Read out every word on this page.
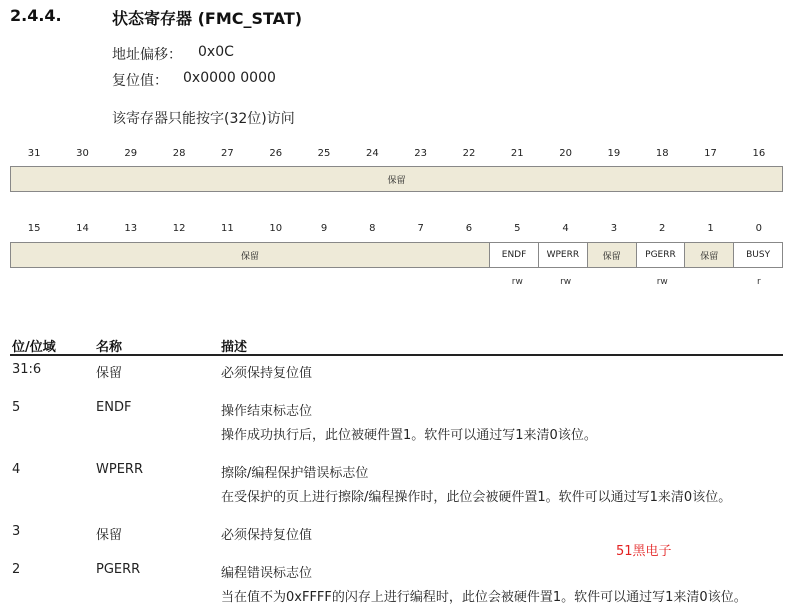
2.4.4.	状态寄存器 (FMC_STAT)
地址偏移： 0x0C
复位值： 0x0000 0000
该寄存器只能按字(32位)访问
31	30	29	28	27	26	25	24	23	22	21	20	19	18	17	16
保留
15	14	13	12	11	10	9	8	7	6	5	4	3	2	1	0
保留	ENDF	WPERR	保留	PGERR	保留	BUSY
rw	rw	rw	r
位/位域	名称	描述
31:6	保留	必须保持复位值
5	ENDF	操作结束标志位
操作成功执行后，此位被硬件置1。软件可以通过写1来清0该位。
4	WPERR	擦除/编程保护错误标志位
在受保护的页上进行擦除/编程操作时，此位会被硬件置1。软件可以通过写1来清0该位。
3	保留	必须保持复位值
2	PGERR	编程错误标志位
当在值不为0xFFFF的闪存上进行编程时，此位会被硬件置1。软件可以通过写1来清0该位。
51黑电子
